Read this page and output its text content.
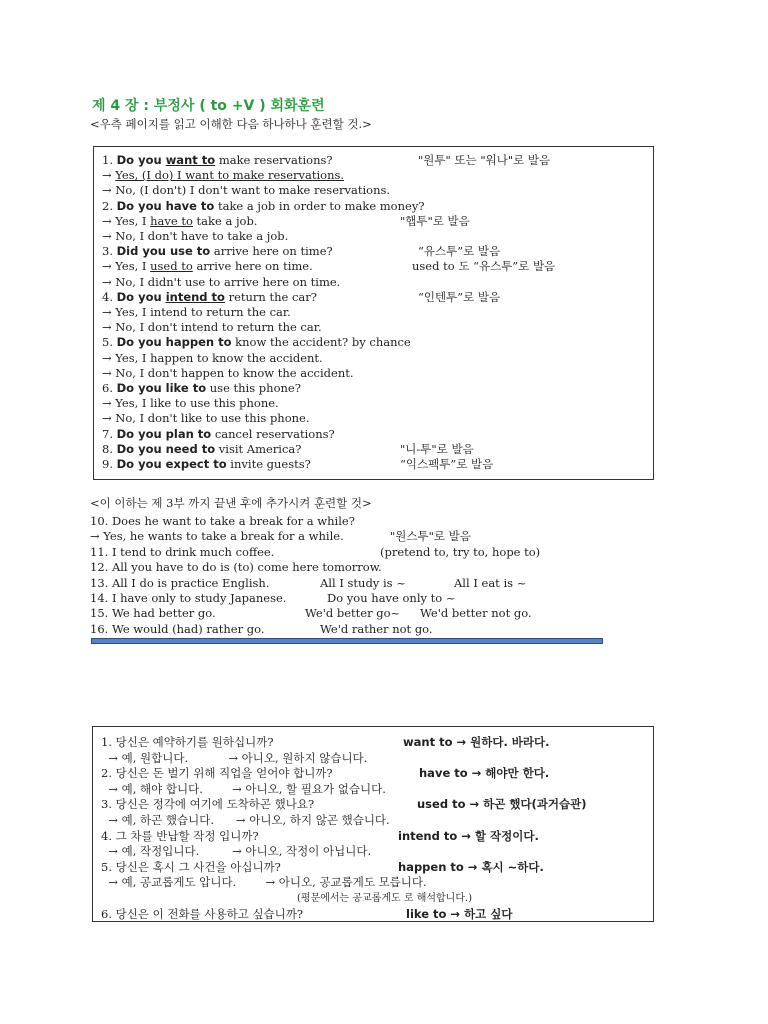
제 4 장 : 부정사 ( to +V ) 회화훈련
<우측 페이지를 읽고 이해한 다음 하나하나 훈련할 것.>
1. Do you want to make reservations?	"원투" 또는 "워나"로 발음
→ Yes, (I do) I want to make reservations.
→ No, (I don't) I don't want to make reservations.
2. Do you have to take a job in order to make money?
→ Yes, I have to take a job.	"햅투"로 발음
→ No, I don't have to take a job.
3. Did you use to arrive here on time?	“유스투”로 발음
→ Yes, I used to arrive here on time.	used to 도 “유스투”로 발음
→ No, I didn't use to arrive here on time.
4. Do you intend to return the car?	“인텐투”로 발음
→ Yes, I intend to return the car.
→ No, I don't intend to return the car.
5. Do you happen to know the accident? by chance
→ Yes, I happen to know the accident.
→ No, I don't happen to know the accident.
6. Do you like to use this phone?
→ Yes, I like to use this phone.
→ No, I don't like to use this phone.
7. Do you plan to cancel reservations?
8. Do you need to visit America?	"니-투"로 발음
9. Do you expect to invite guests?	“익스펙투”로 발음
<이 이하는 제 3부 까지 끝낸 후에 추가시켜 훈련할 것>
10. Does he want to take a break for a while?
→ Yes, he wants to take a break for a while.	"원스투"로 발음
11. I tend to drink much coffee.	(pretend to, try to, hope to)
12. All you have to do is (to) come here tomorrow.
13. All I do is practice English.	All I study is ~	All I eat is ~
14. I have only to study Japanese.	Do you have only to ~
15. We had better go.	We'd better go~ We'd better not go.
16. We would (had) rather go.	We'd rather not go.
1. 당신은 예약하기를 원하십니까?	want to → 원하다. 바라다.
→ 예, 원합니다.           → 아니오, 원하지 않습니다.
2. 당신은 돈 벌기 위해 직업을 얻어야 합니까?	have to → 해야만 한다.
→ 예, 해야 합니다.        → 아니오, 할 필요가 없습니다.
3. 당신은 정각에 여기에 도착하곤 했나요?	used to → 하곤 했다(과거습관)
→ 예, 하곤 했습니다.      → 아니오, 하지 않곤 했습니다.
4. 그 차를 반납할 작정 입니까?	intend to → 할 작정이다.
→ 예, 작정입니다.         → 아니오, 작정이 아닙니다.
5. 당신은 혹시 그 사건을 아십니까?	happen to → 혹시 ~하다.
→ 예, 공교롭게도 압니다.        → 아니오, 공교롭게도 모릅니다.
(평문에서는 공교롭게도 로 해석합니다.)
6. 당신은 이 전화를 사용하고 싶습니까?	like to → 하고 싶다
